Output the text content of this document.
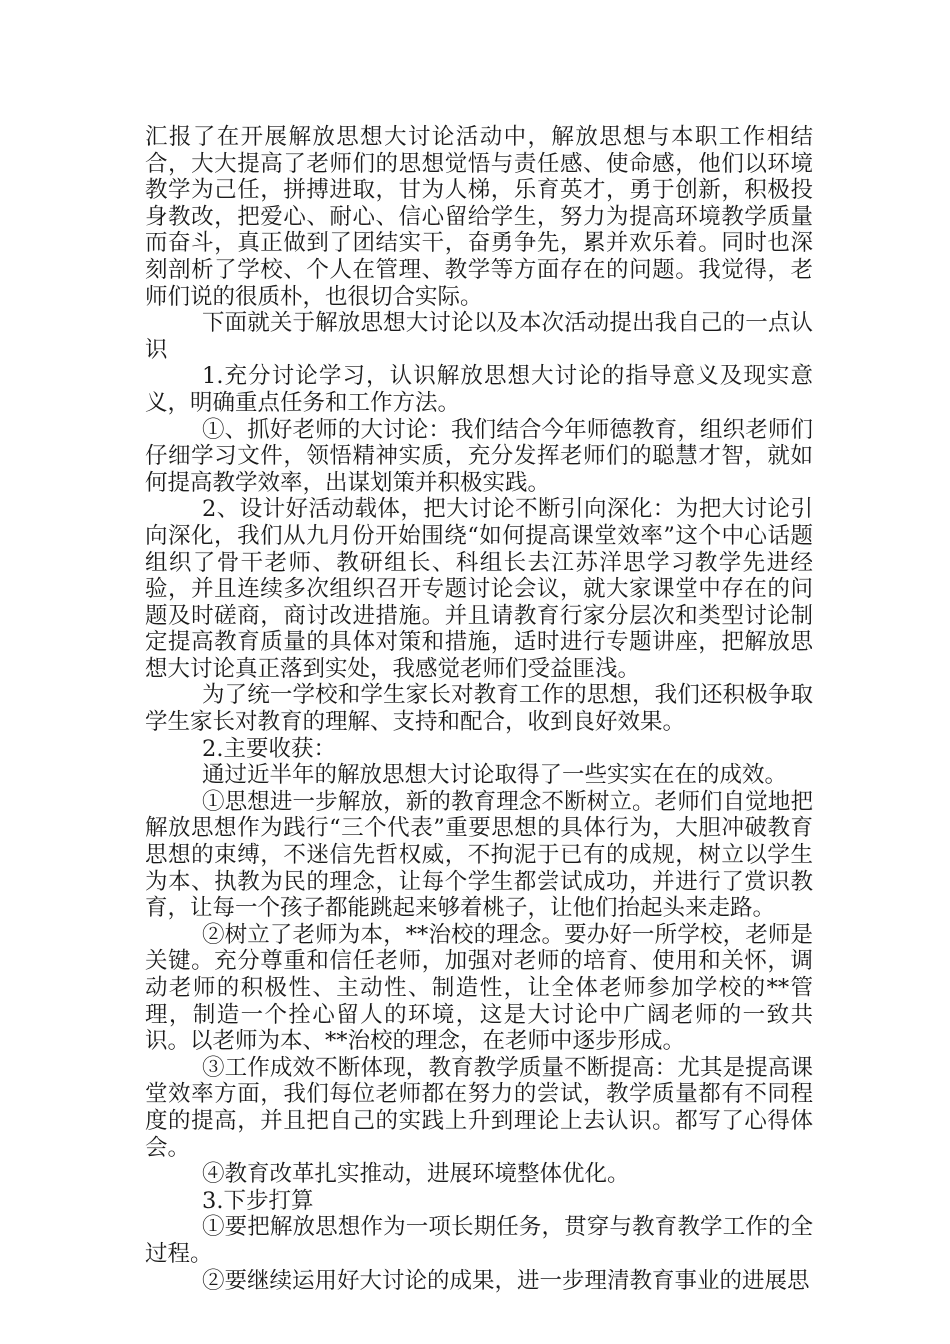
汇报了在开展解放思想大讨论活动中，解放思想与本职工作相结合，大大提高了老师们的思想觉悟与责任感、使命感，他们以环境教学为己任，拼搏进取，甘为人梯，乐育英才，勇于创新，积极投身教改，把爱心、耐心、信心留给学生，努力为提高环境教学质量而奋斗，真正做到了团结实干，奋勇争先，累并欢乐着。同时也深刻剖析了学校、个人在管理、教学等方面存在的问题。我觉得，老师们说的很质朴，也很切合实际。

下面就关于解放思想大讨论以及本次活动提出我自己的一点认识

1.充分讨论学习，认识解放思想大讨论的指导意义及现实意义，明确重点任务和工作方法。

①、抓好老师的大讨论：我们结合今年师德教育，组织老师们仔细学习文件，领悟精神实质，充分发挥老师们的聪慧才智，就如何提高教学效率，出谋划策并积极实践。

2、设计好活动载体，把大讨论不断引向深化：为把大讨论引向深化，我们从九月份开始围绕“如何提高课堂效率”这个中心话题组织了骨干老师、教研组长、科组长去江苏洋思学习教学先进经验，并且连续多次组织召开专题讨论会议，就大家课堂中存在的问题及时磋商，商讨改进措施。并且请教育行家分层次和类型讨论制定提高教育质量的具体对策和措施，适时进行专题讲座，把解放思想大讨论真正落到实处，我感觉老师们受益匪浅。

为了统一学校和学生家长对教育工作的思想，我们还积极争取学生家长对教育的理解、支持和配合，收到良好效果。

2.主要收获：

通过近半年的解放思想大讨论取得了一些实实在在的成效。

①思想进一步解放，新的教育理念不断树立。老师们自觉地把解放思想作为践行“三个代表”重要思想的具体行为，大胆冲破教育思想的束缚，不迷信先哲权威，不拘泥于已有的成规，树立以学生为本、执教为民的理念，让每个学生都尝试成功，并进行了赏识教育，让每一个孩子都能跳起来够着桃子，让他们抬起头来走路。

②树立了老师为本，**治校的理念。要办好一所学校，老师是关键。充分尊重和信任老师，加强对老师的培育、使用和关怀，调动老师的积极性、主动性、制造性，让全体老师参加学校的**管理，制造一个拴心留人的环境，这是大讨论中广阔老师的一致共识。以老师为本、**治校的理念，在老师中逐步形成。

③工作成效不断体现，教育教学质量不断提高：尤其是提高课堂效率方面，我们每位老师都在努力的尝试，教学质量都有不同程度的提高，并且把自己的实践上升到理论上去认识。都写了心得体会。

④教育改革扎实推动，进展环境整体优化。

3.下步打算

①要把解放思想作为一项长期任务，贯穿与教育教学工作的全过程。

②要继续运用好大讨论的成果，进一步理清教育事业的进展思
